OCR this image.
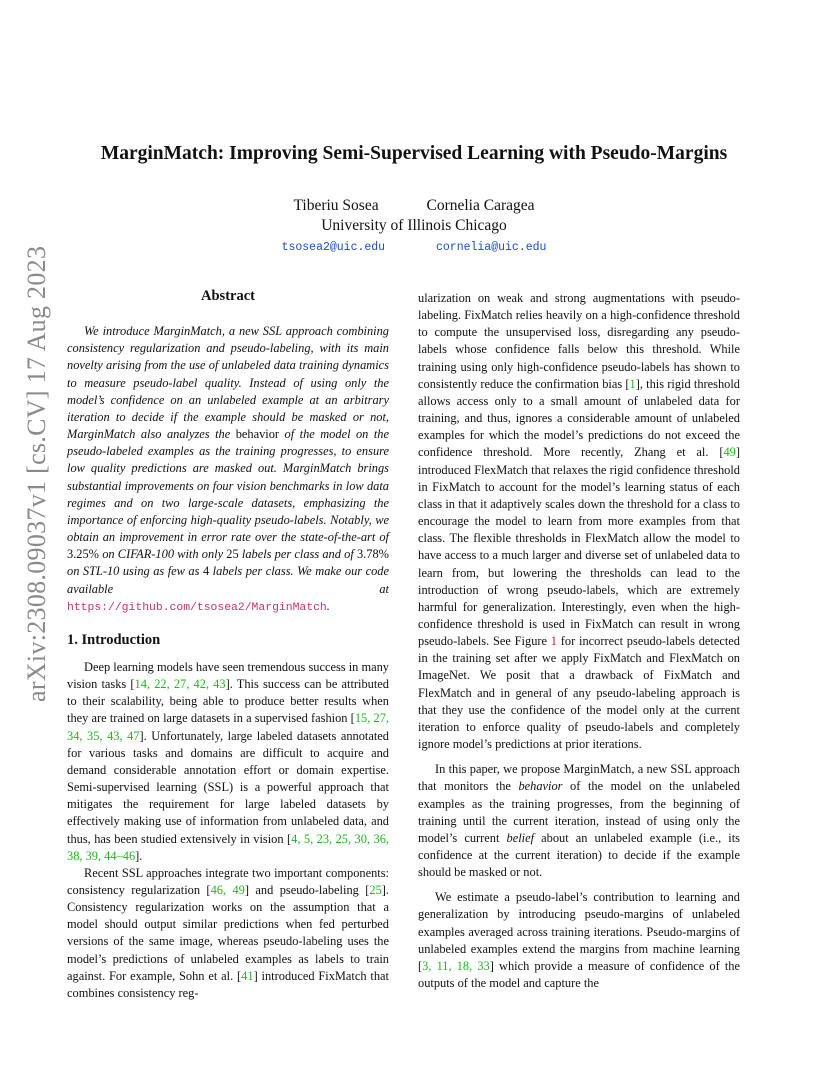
arXiv:2308.09037v1 [cs.CV] 17 Aug 2023
MarginMatch: Improving Semi-Supervised Learning with Pseudo-Margins
Tiberiu Sosea	Cornelia Caragea
University of Illinois Chicago
tsosea2@uic.edu	cornelia@uic.edu
Abstract

We introduce MarginMatch, a new SSL approach combining consistency regularization and pseudo-labeling, with its main novelty arising from the use of unlabeled data training dynamics to measure pseudo-label quality. Instead of using only the model’s confidence on an unlabeled example at an arbitrary iteration to decide if the example should be masked or not, MarginMatch also analyzes the behavior of the model on the pseudo-labeled examples as the training progresses, to ensure low quality predictions are masked out. MarginMatch brings substantial improvements on four vision benchmarks in low data regimes and on two large-scale datasets, emphasizing the importance of enforcing high-quality pseudo-labels. Notably, we obtain an improvement in error rate over the state-of-the-art of 3.25% on CIFAR-100 with only 25 labels per class and of 3.78% on STL-10 using as few as 4 labels per class. We make our code available at https://github.com/tsosea2/MarginMatch.

1. Introduction

Deep learning models have seen tremendous success in many vision tasks [14, 22, 27, 42, 43]. This success can be attributed to their scalability, being able to produce better results when they are trained on large datasets in a supervised fashion [15, 27, 34, 35, 43, 47]. Unfortunately, large labeled datasets annotated for various tasks and domains are difficult to acquire and demand considerable annotation effort or domain expertise. Semi-supervised learning (SSL) is a powerful approach that mitigates the requirement for large labeled datasets by effectively making use of information from unlabeled data, and thus, has been studied extensively in vision [4, 5, 23, 25, 30, 36, 38, 39, 44–46].

Recent SSL approaches integrate two important components: consistency regularization [46, 49] and pseudo-labeling [25]. Consistency regularization works on the assumption that a model should output similar predictions when fed perturbed versions of the same image, whereas pseudo-labeling uses the model’s predictions of unlabeled examples as labels to train against. For example, Sohn et al. [41] introduced FixMatch that combines consistency reg-

ularization on weak and strong augmentations with pseudo-labeling. FixMatch relies heavily on a high-confidence threshold to compute the unsupervised loss, disregarding any pseudo-labels whose confidence falls below this threshold. While training using only high-confidence pseudo-labels has shown to consistently reduce the confirmation bias [1], this rigid threshold allows access only to a small amount of unlabeled data for training, and thus, ignores a considerable amount of unlabeled examples for which the model’s predictions do not exceed the confidence threshold. More recently, Zhang et al. [49] introduced FlexMatch that relaxes the rigid confidence threshold in FixMatch to account for the model’s learning status of each class in that it adaptively scales down the threshold for a class to encourage the model to learn from more examples from that class. The flexible thresholds in FlexMatch allow the model to have access to a much larger and diverse set of unlabeled data to learn from, but lowering the thresholds can lead to the introduction of wrong pseudo-labels, which are extremely harmful for generalization. Interestingly, even when the high-confidence threshold is used in FixMatch can result in wrong pseudo-labels. See Figure 1 for incorrect pseudo-labels detected in the training set after we apply FixMatch and FlexMatch on ImageNet. We posit that a drawback of FixMatch and FlexMatch and in general of any pseudo-labeling approach is that they use the confidence of the model only at the current iteration to enforce quality of pseudo-labels and completely ignore model’s predictions at prior iterations.

In this paper, we propose MarginMatch, a new SSL approach that monitors the behavior of the model on the unlabeled examples as the training progresses, from the beginning of training until the current iteration, instead of using only the model’s current belief about an unlabeled example (i.e., its confidence at the current iteration) to decide if the example should be masked or not.

We estimate a pseudo-label’s contribution to learning and generalization by introducing pseudo-margins of unlabeled examples averaged across training iterations. Pseudo-margins of unlabeled examples extend the margins from machine learning [3, 11, 18, 33] which provide a measure of confidence of the outputs of the model and capture the
